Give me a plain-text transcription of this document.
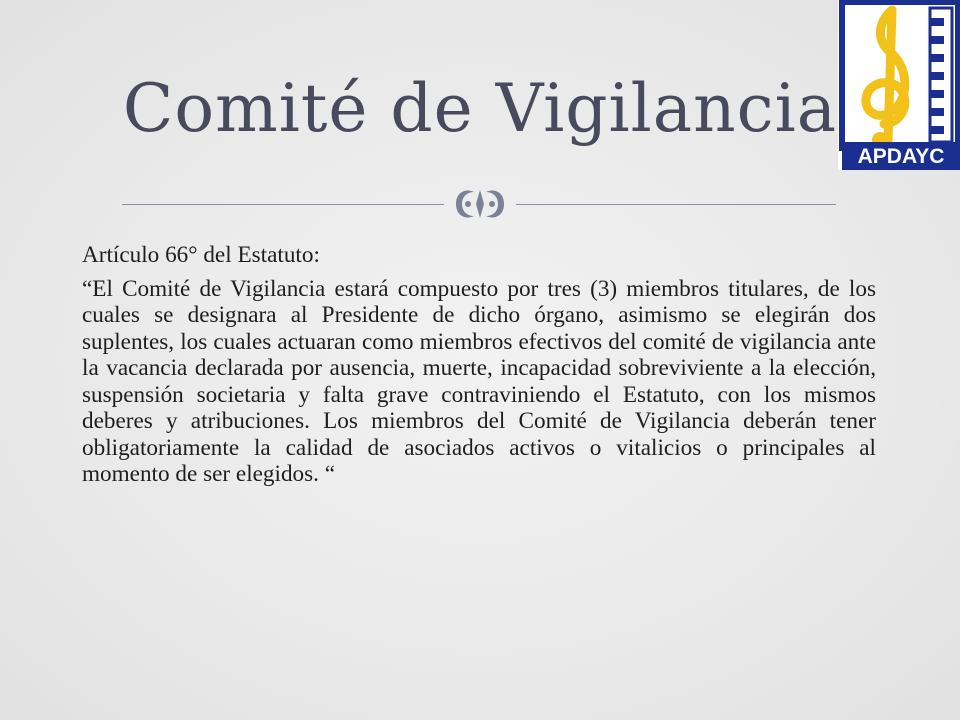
Comité de Vigilancia
APDAYC

Artículo 66° del Estatuto:

“El Comité de Vigilancia estará compuesto por tres (3) miembros titulares, de los cuales se designara al Presidente de dicho órgano, asimismo se elegirán dos suplentes, los cuales actuaran como miembros efectivos del comité de vigilancia ante la vacancia declarada por ausencia, muerte, incapacidad sobreviviente a la elección, suspensión societaria y falta grave contraviniendo el Estatuto, con los mismos deberes y atribuciones. Los miembros del Comité de Vigilancia deberán tener obligatoriamente la calidad de asociados activos o vitalicios o principales al momento de ser elegidos. “
